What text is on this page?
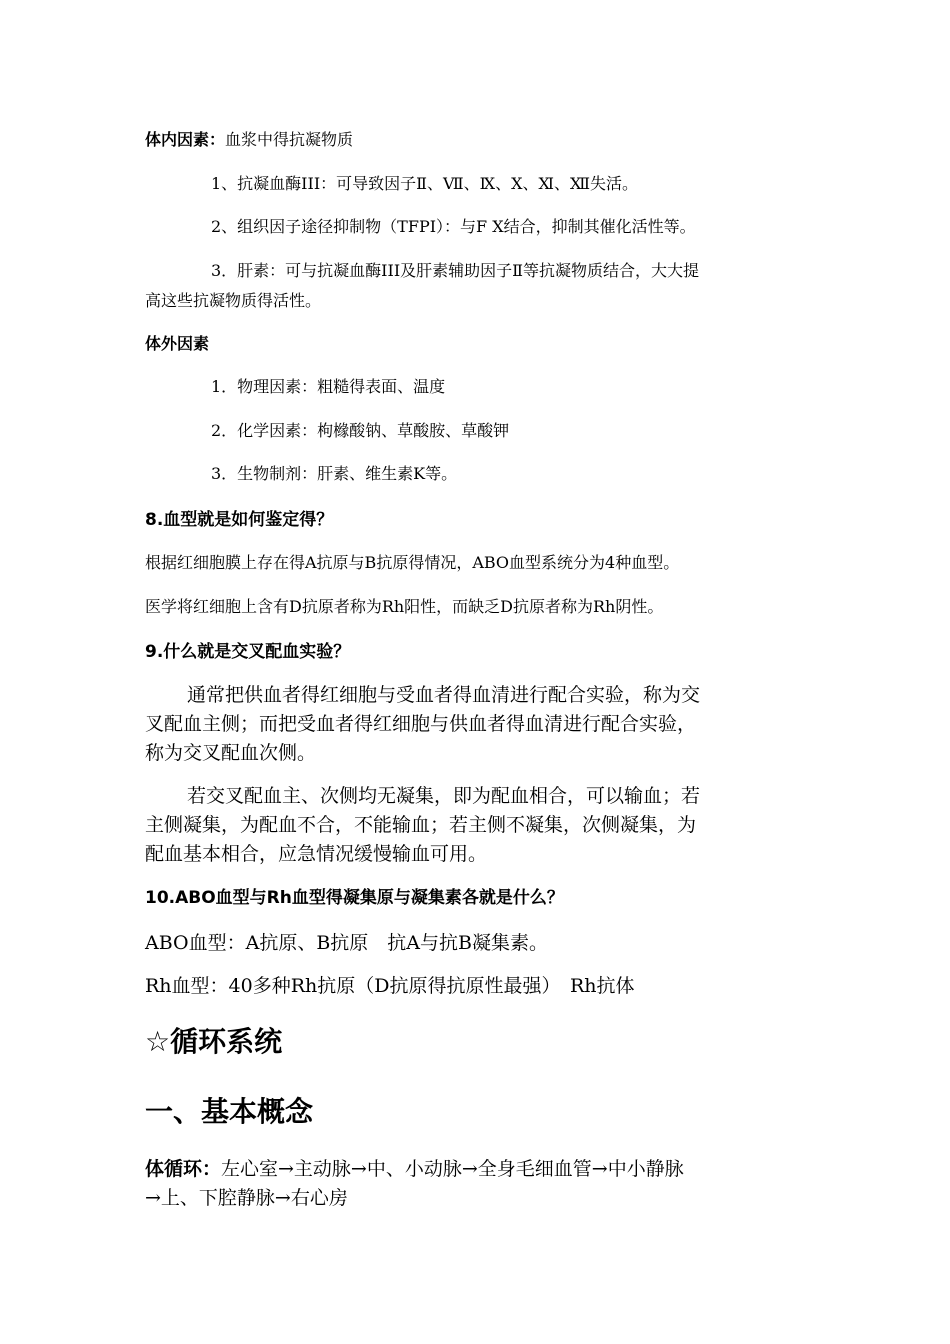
体内因素：血浆中得抗凝物质

1、抗凝血酶III：可导致因子Ⅱ、Ⅶ、Ⅸ、Ⅹ、Ⅺ、Ⅻ失活。

2、组织因子途径抑制物（TFPI）：与F Ⅹ结合，抑制其催化活性等。

3．肝素：可与抗凝血酶III及肝素辅助因子Ⅱ等抗凝物质结合，大大提

高这些抗凝物质得活性。

体外因素

1．物理因素：粗糙得表面、温度

2．化学因素：枸橼酸钠、草酸胺、草酸钾

3．生物制剂：肝素、维生素K等。

8.血型就是如何鉴定得？

根据红细胞膜上存在得A抗原与B抗原得情况，ABO血型系统分为4种血型。

医学将红细胞上含有D抗原者称为Rh阳性，而缺乏D抗原者称为Rh阴性。

9.什么就是交叉配血实验？

通常把供血者得红细胞与受血者得血清进行配合实验，称为交

叉配血主侧；而把受血者得红细胞与供血者得血清进行配合实验，

称为交叉配血次侧。

若交叉配血主、次侧均无凝集，即为配血相合，可以输血；若

主侧凝集，为配血不合，不能输血；若主侧不凝集，次侧凝集，为

配血基本相合，应急情况缓慢输血可用。

10.ABO血型与Rh血型得凝集原与凝集素各就是什么？

ABO血型：A抗原、B抗原　抗A与抗B凝集素。

Rh血型：40多种Rh抗原（D抗原得抗原性最强）　Rh抗体

☆循环系统

一、基本概念

体循环：左心室→主动脉→中、小动脉→全身毛细血管→中小静脉

→上、下腔静脉→右心房
